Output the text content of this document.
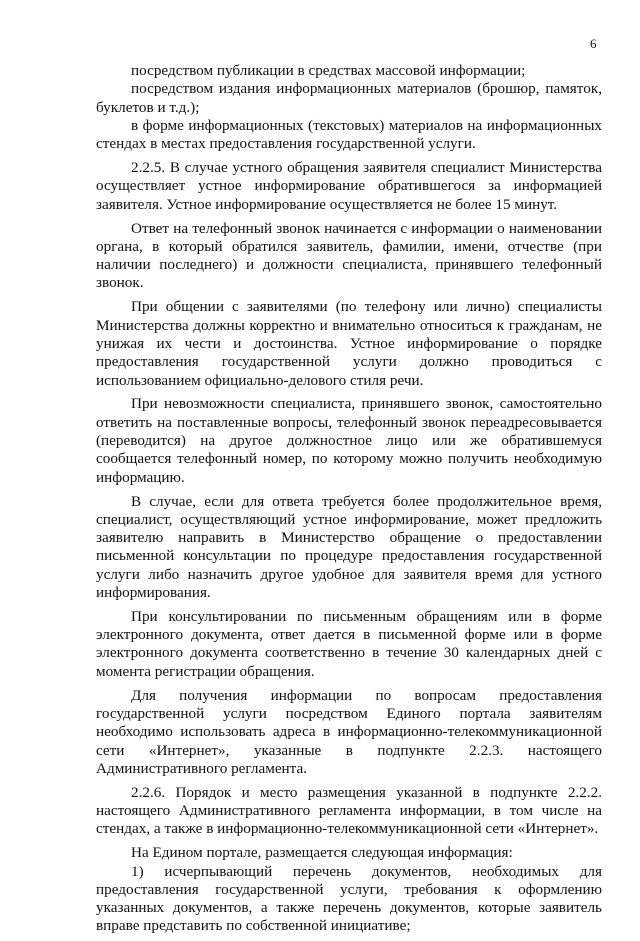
6

посредством публикации в средствах массовой информации;

посредством издания информационных материалов (брошюр, памяток, буклетов и т.д.);

в форме информационных (текстовых) материалов на информационных стендах в местах предоставления государственной услуги.

2.2.5. В случае устного обращения заявителя специалист Министерства осуществляет устное информирование обратившегося за информацией заявителя. Устное информирование осуществляется не более 15 минут.

Ответ на телефонный звонок начинается с информации о наименовании органа, в который обратился заявитель, фамилии, имени, отчестве (при наличии последнего) и должности специалиста, принявшего телефонный звонок.

При общении с заявителями (по телефону или лично) специалисты Министерства должны корректно и внимательно относиться к гражданам, не унижая их чести и достоинства. Устное информирование о порядке предоставления государственной услуги должно проводиться с использованием официально-делового стиля речи.

При невозможности специалиста, принявшего звонок, самостоятельно ответить на поставленные вопросы, телефонный звонок переадресовывается (переводится) на другое должностное лицо или же обратившемуся сообщается телефонный номер, по которому можно получить необходимую информацию.

В случае, если для ответа требуется более продолжительное время, специалист, осуществляющий устное информирование, может предложить заявителю направить в Министерство обращение о предоставлении письменной консультации по процедуре предоставления государственной услуги либо назначить другое удобное для заявителя время для устного информирования.

При консультировании по письменным обращениям или в форме электронного документа, ответ дается в письменной форме или в форме электронного документа соответственно в течение 30 календарных дней с момента регистрации обращения.

Для получения информации по вопросам предоставления государственной услуги посредством Единого портала заявителям необходимо использовать адреса в информационно-телекоммуникационной сети «Интернет», указанные в подпункте 2.2.3. настоящего Административного регламента.

2.2.6. Порядок и место размещения указанной в подпункте 2.2.2. настоящего Административного регламента информации, в том числе на стендах, а также в информационно-телекоммуникационной сети «Интернет».

На Едином портале, размещается следующая информация:

1) исчерпывающий перечень документов, необходимых для предоставления государственной услуги, требования к оформлению указанных документов, а также перечень документов, которые заявитель вправе представить по собственной инициативе;
